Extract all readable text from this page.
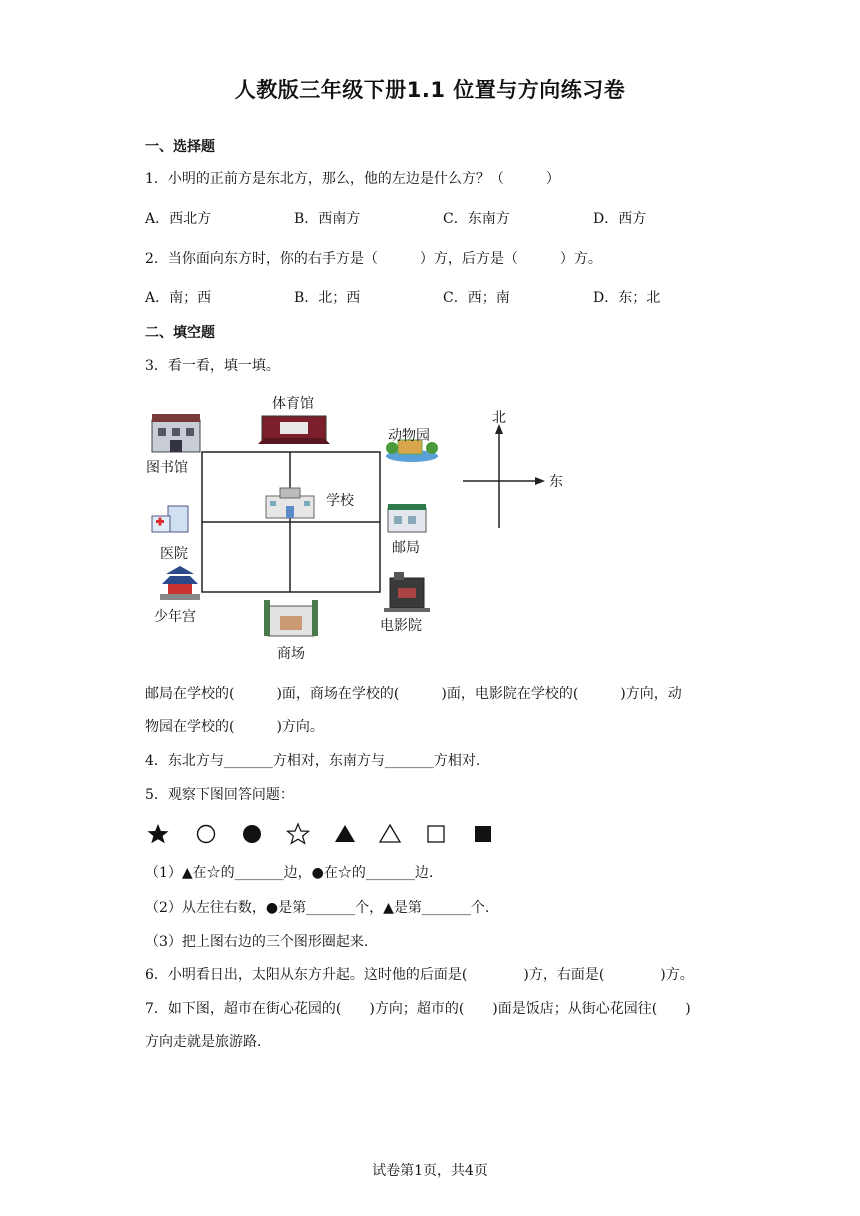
人教版三年级下册1.1 位置与方向练习卷
一、选择题
1．小明的正前方是东北方，那么，他的左边是什么方？（　　　）
A．西北方	B．西南方	C．东南方	D．西方
2．当你面向东方时，你的右手方是（　　　）方，后方是（　　　）方。
A．南；西	B．北；西	C．西；南	D．东；北
二、填空题
3．看一看，填一填。
体育馆
图书馆
动物园
学校
医院	邮局
少年宫
电影院
商场
北
东
邮局在学校的(　　　)面，商场在学校的(　　　)面，电影院在学校的(　　　)方向，动
物园在学校的(　　　)方向。
4．东北方与_______方相对，东南方与_______方相对.
5．观察下图回答问题：
（1）▲在☆的_______边，●在☆的_______边.
（2）从左往右数，●是第_______个，▲是第_______个.
（3）把上图右边的三个图形圈起来.
6．小明看日出，太阳从东方升起。这时他的后面是(　　　　)方，右面是(　　　　)方。
7．如下图，超市在街心花园的(　　)方向；超市的(　　)面是饭店；从街心花园往(　　)
方向走就是旅游路.
试卷第1页，共4页
